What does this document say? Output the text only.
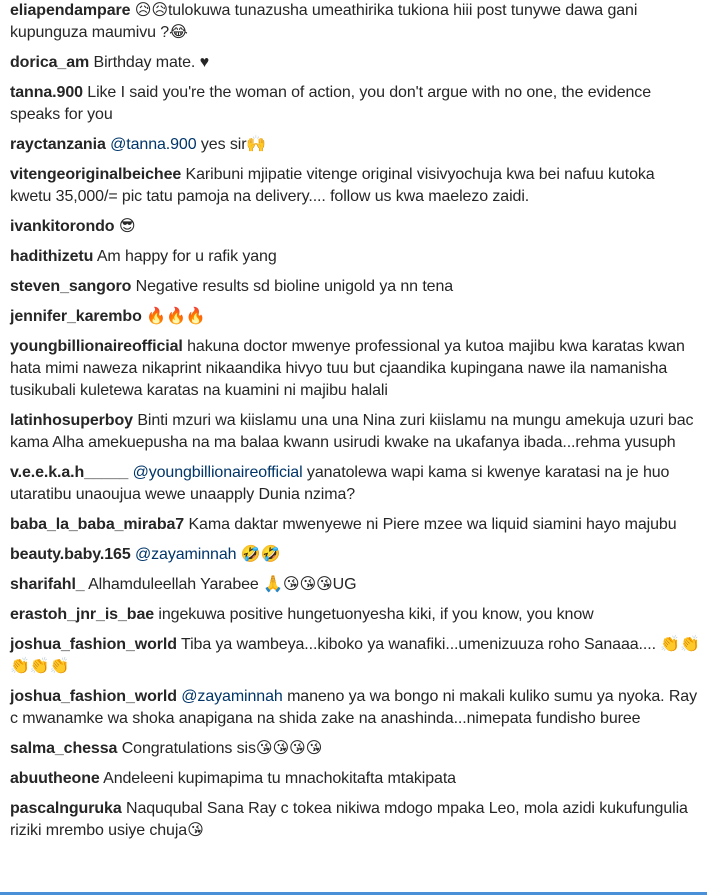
eliapendampare 😥😥tulokuwa tunazusha umeathirika tukiona hiii post tunywe dawa gani kupunguza maumivu ?😂
dorica_am Birthday mate. ♥
tanna.900 Like I said you're the woman of action, you don't argue with no one, the evidence speaks for you
rayctanzania @tanna.900 yes sir🙌
vitengeoriginalbeichee Karibuni mjipatie vitenge original visivyochuja kwa bei nafuu kutoka kwetu 35,000/= pic tatu pamoja na delivery.... follow us kwa maelezo zaidi.
ivankitorondo 😎
hadithizetu Am happy for u rafik yang
steven_sangoro Negative results sd bioline unigold ya nn tena
jennifer_karembo 🔥🔥🔥
youngbillionaireofficial hakuna doctor mwenye professional ya kutoa majibu kwa karatas kwan hata mimi naweza nikaprint nikaandika hivyo tuu but cjaandika kupingana nawe ila namanisha tusikubali kuletewa karatas na kuamini ni majibu halali
latinhosuperboy Binti mzuri wa kiislamu una una Nina zuri kiislamu na mungu amekuja uzuri bac kama Alha amekuepusha na ma balaa kwann usirudi kwake na ukafanya ibada...rehma yusuph
v.e.e.k.a.h_____ @youngbillionaireofficial yanatolewa wapi kama si kwenye karatasi na je huo utaratibu unaoujua wewe unaapply Dunia nzima?
baba_la_baba_miraba7 Kama daktar mwenyewe ni Piere mzee wa liquid siamini hayo majubu
beauty.baby.165 @zayaminnah 🤣🤣
sharifahl_ Alhamduleellah Yarabee 🙏😘😘😘UG
erastoh_jnr_is_bae ingekuwa positive hungetuonyesha kiki, if you know, you know
joshua_fashion_world Tiba ya wambeya...kiboko ya wanafiki...umenizuuza roho Sanaaa.... 👏👏👏👏👏
joshua_fashion_world @zayaminnah maneno ya wa bongo ni makali kuliko sumu ya nyoka. Ray c mwanamke wa shoka anapigana na shida zake na anashinda...nimepata fundisho buree
salma_chessa Congratulations sis😘😘😘😘
abuutheone Andeleeni kupimapima tu mnachokitafta mtakipata
pascalnguruka Naququbal Sana Ray c tokea nikiwa mdogo mpaka Leo, mola azidi kukufungulia riziki mrembo usiye chuja😘
